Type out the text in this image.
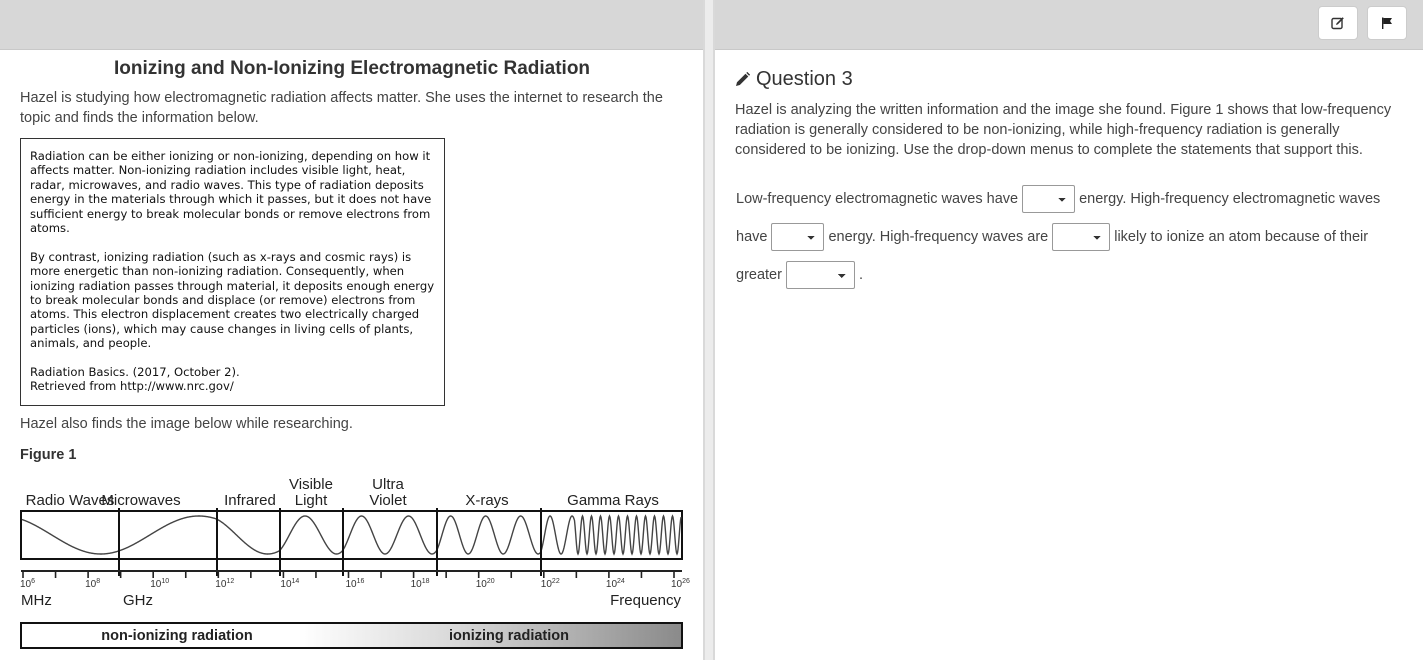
Ionizing and Non-Ionizing Electromagnetic Radiation
Hazel is studying how electromagnetic radiation affects matter. She uses the internet to research the topic and finds the information below.

Radiation can be either ionizing or non-ionizing, depending on how it affects matter. Non-ionizing radiation includes visible light, heat, radar, microwaves, and radio waves. This type of radiation deposits energy in the materials through which it passes, but it does not have sufficient energy to break molecular bonds or remove electrons from atoms.

By contrast, ionizing radiation (such as x-rays and cosmic rays) is more energetic than non-ionizing radiation. Consequently, when ionizing radiation passes through material, it deposits enough energy to break molecular bonds and displace (or remove) electrons from atoms. This electron displacement creates two electrically charged particles (ions), which may cause changes in living cells of plants, animals, and people.

Radiation Basics. (2017, October 2).
Retrieved from http://www.nrc.gov/
Hazel also finds the image below while researching.
Figure 1
Radio Waves
Microwaves	Infrared
Visible
Light
Ultra
Violet	X-rays	Gamma Rays
$10^6$	$10^8$	$10^{10}$	$10^{12}$	$10^{14}$	$10^{16}$	$10^{18}$	$10^{20}$	$10^{22}$	$10^{24}$	$10^{26}$
MHz	GHz	Frequency
non-ionizing radiation	ionizing radiation
Question 3
Hazel is analyzing the written information and the image she found. Figure 1 shows that low-frequency radiation is generally considered to be non-ionizing, while high-frequency radiation is generally considered to be ionizing. Use the drop-down menus to complete the statements that support this.
Low-frequency electromagnetic waves have	energy. High-frequency electromagnetic waves
have	energy. High-frequency waves are	likely to ionize an atom because of their
greater	.
